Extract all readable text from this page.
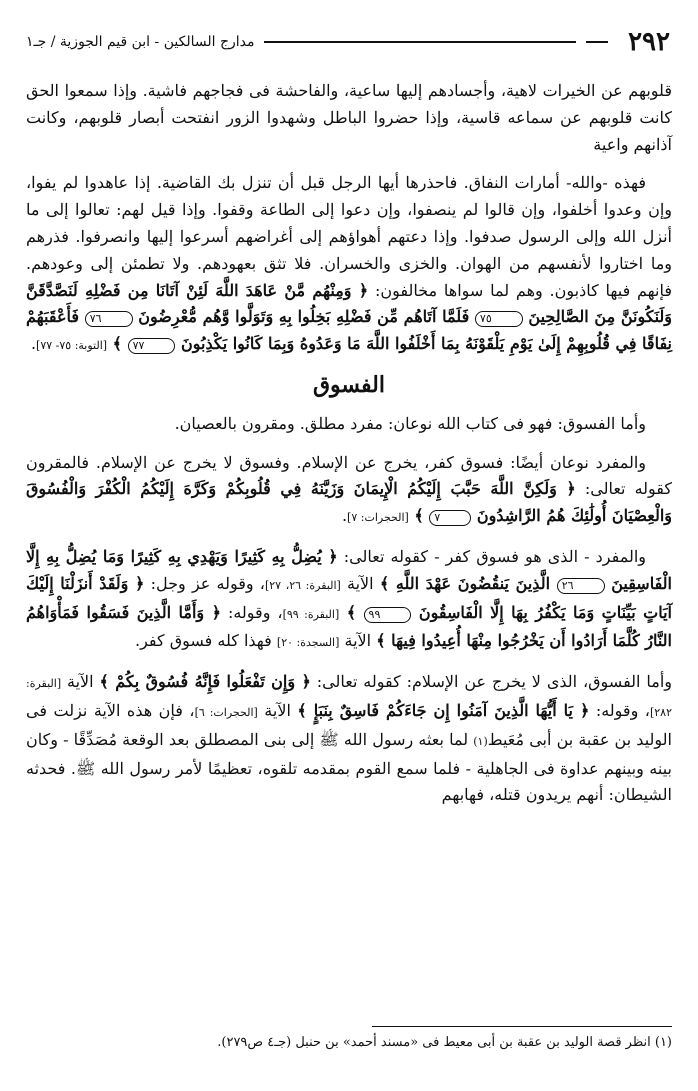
٢٩٢
مدارج السالكين - ابن قيم الجوزية / جـ١

قلوبهم عن الخيرات لاهية، وأجسادهم إليها ساعية، والفاحشة فى فجاجهم فاشية. وإذا سمعوا الحق كانت قلوبهم عن سماعه قاسية، وإذا حضروا الباطل وشهدوا الزور انفتحت أبصار قلوبهم، وكانت آذانهم واعية

فهذه -والله- أمارات النفاق. فاحذرها أيها الرجل قبل أن تنزل بك القاضية. إذا عاهدوا لم يفوا، وإن وعدوا أخلفوا، وإن قالوا لم ينصفوا، وإن دعوا إلى الطاعة وقفوا. وإذا قيل لهم: تعالوا إلى ما أنزل الله وإلى الرسول صدفوا. وإذا دعتهم أهواؤهم إلى أغراضهم أسرعوا إليها وانصرفوا. فذرهم وما اختاروا لأنفسهم من الهوان. والخزى والخسران. فلا تثق بعهودهم. ولا تطمئن إلى وعودهم. فإنهم فيها كاذبون. وهم لما سواها مخالفون: ﴿ وَمِنْهُم مَّنْ عَاهَدَ اللَّهَ لَئِنْ آتَانَا مِن فَضْلِهِ لَنَصَّدَّقَنَّ وَلَنَكُونَنَّ مِنَ الصَّالِحِينَ ٧٥ فَلَمَّا آتَاهُم مِّن فَضْلِهِ بَخِلُوا بِهِ وَتَوَلَّوا وَّهُم مُّعْرِضُونَ ٧٦ فَأَعْقَبَهُمْ نِفَاقًا فِي قُلُوبِهِمْ إِلَىٰ يَوْمِ يَلْقَوْنَهُ بِمَا أَخْلَفُوا اللَّهَ مَا وَعَدُوهُ وَبِمَا كَانُوا يَكْذِبُونَ ٧٧ ﴾ [التوبة: ٧٥- ٧٧].

الفسوق

وأما الفسوق: فهو فى كتاب الله نوعان: مفرد مطلق. ومقرون بالعصيان.

والمفرد نوعان أيضًا: فسوق كفر، يخرج عن الإسلام. وفسوق لا يخرج عن الإسلام. فالمقرون كقوله تعالى: ﴿ وَلَكِنَّ اللَّهَ حَبَّبَ إِلَيْكُمُ الْإِيمَانَ وَزَيَّنَهُ فِي قُلُوبِكُمْ وَكَرَّهَ إِلَيْكُمُ الْكُفْرَ وَالْفُسُوقَ وَالْعِصْيَانَ أُولَٰئِكَ هُمُ الرَّاشِدُونَ ٧ ﴾ [الحجرات: ٧].

والمفرد - الذى هو فسوق كفر - كقوله تعالى: ﴿ يُضِلُّ بِهِ كَثِيرًا وَيَهْدِي بِهِ كَثِيرًا وَمَا يُضِلُّ بِهِ إِلَّا الْفَاسِقِينَ ٢٦ الَّذِينَ يَنقُضُونَ عَهْدَ اللَّهِ ﴾ الآية [البقرة: ٢٦، ٢٧]، وقوله عز وجل: ﴿ وَلَقَدْ أَنزَلْنَا إِلَيْكَ آيَاتٍ بَيِّنَاتٍ وَمَا يَكْفُرُ بِهَا إِلَّا الْفَاسِقُونَ ٩٩ ﴾ [البقرة: ٩٩]، وقوله: ﴿ وَأَمَّا الَّذِينَ فَسَقُوا فَمَأْوَاهُمُ النَّارُ كُلَّمَا أَرَادُوا أَن يَخْرُجُوا مِنْهَا أُعِيدُوا فِيهَا ﴾ الآية [السجدة: ٢٠] فهذا كله فسوق كفر.

وأما الفسوق، الذى لا يخرج عن الإسلام: كقوله تعالى: ﴿ وَإِن تَفْعَلُوا فَإِنَّهُ فُسُوقٌ بِكُمْ ﴾ الآية [البقرة: ٢٨٢]، وقوله: ﴿ يَا أَيُّهَا الَّذِينَ آمَنُوا إِن جَاءَكُمْ فَاسِقٌ بِنَبَإٍ ﴾ الآية [الحجرات: ٦]، فإن هذه الآية نزلت فى الوليد بن عقبة بن أبى مُعَيط(١) لما بعثه رسول الله ﷺ إلى بنى المصطلق بعد الوقعة مُصَدِّقًا - وكان بينه وبينهم عداوة فى الجاهلية - فلما سمع القوم بمقدمه تلقوه، تعظيمًا لأمر رسول الله ﷺ. فحدثه الشيطان: أنهم يريدون قتله، فهابهم

(١) انظر قصة الوليد بن عقبة بن أبى معيط فى «مسند أحمد» بن حنبل (جـ٤ ص٢٧٩).
